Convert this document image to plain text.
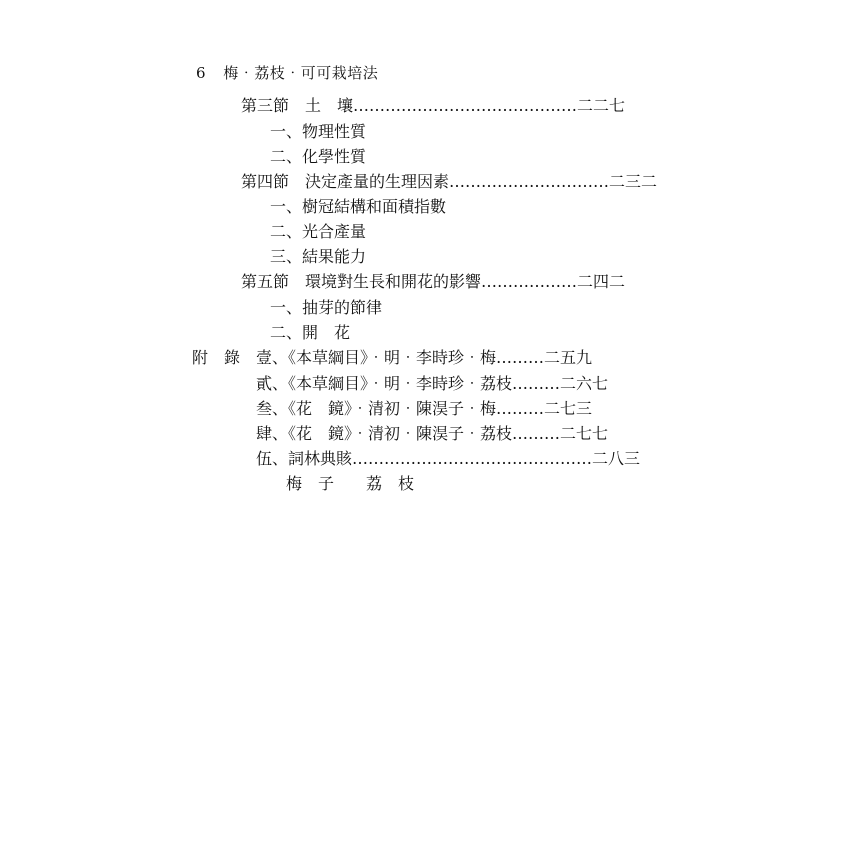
6 梅‧荔枝‧可可栽培法
第三節　土　壤……………………………………二二七
一、物理性質
二、化學性質
第四節　決定產量的生理因素…………………………二三二
一、樹冠結構和面積指數
二、光合產量
三、結果能力
第五節　環境對生長和開花的影響………………二四二
一、抽芽的節律
二、開　花
附　錄　壹、《本草綱目》‧明‧李時珍‧梅………二五九
貳、《本草綱目》‧明‧李時珍‧荔枝………二六七
叁、《花　鏡》‧清初‧陳淏子‧梅………二七三
肆、《花　鏡》‧清初‧陳淏子‧荔枝………二七七
伍、詞林典賅………………………………………二八三
梅　子　　荔　枝
